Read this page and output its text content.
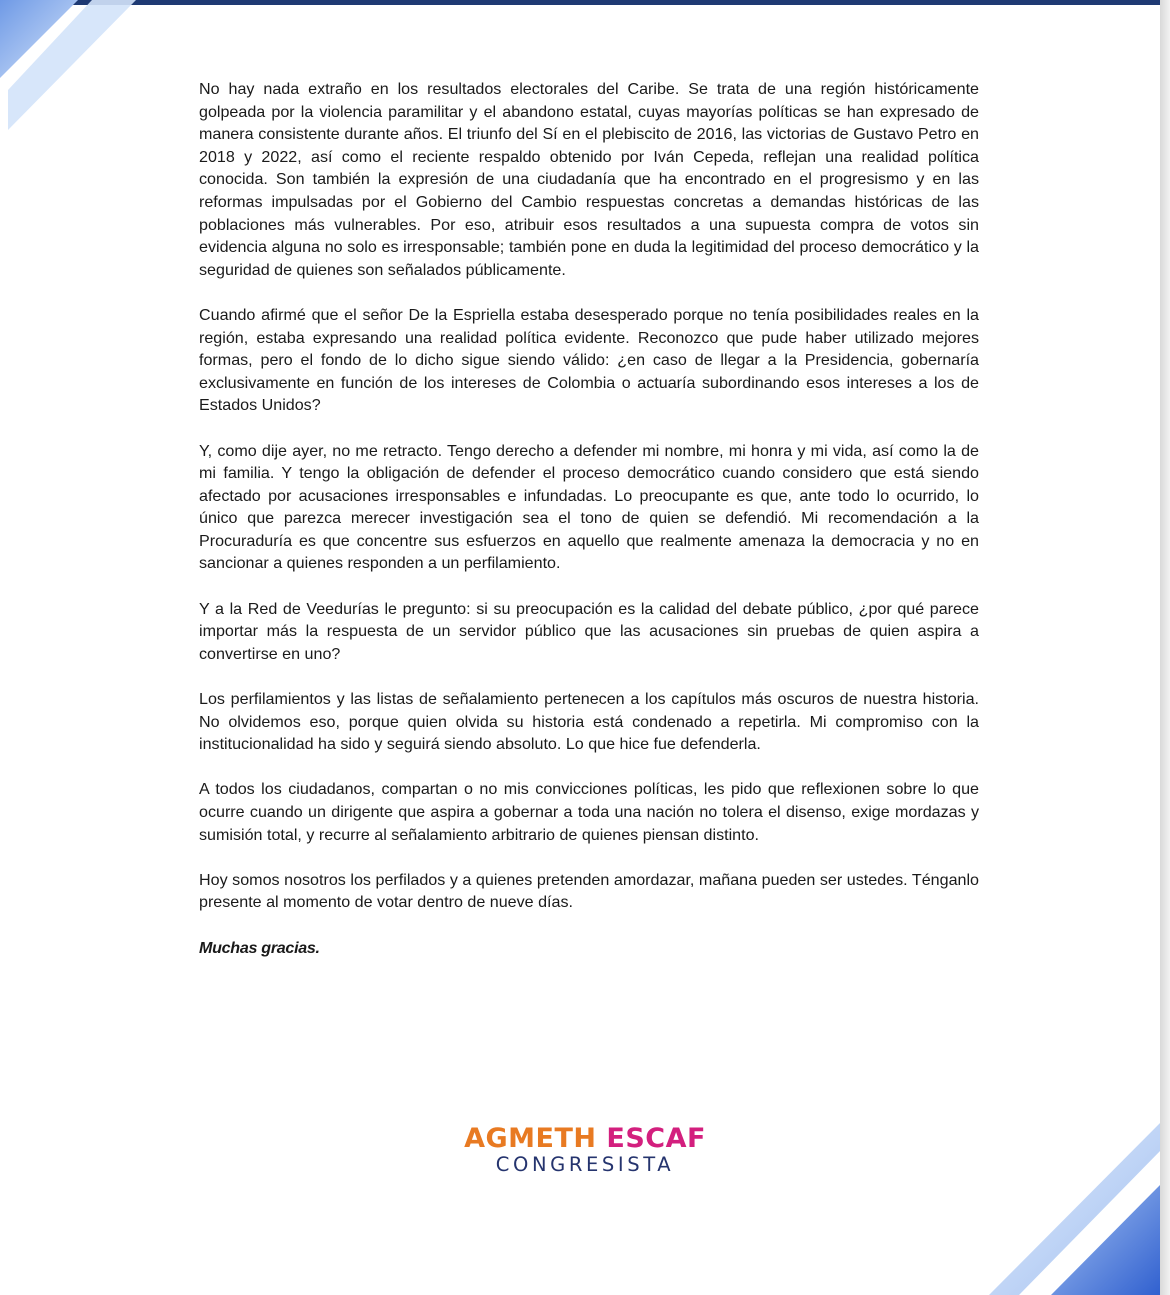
No hay nada extraño en los resultados electorales del Caribe. Se trata de una región históricamente golpeada por la violencia paramilitar y el abandono estatal, cuyas mayorías políticas se han expresado de manera consistente durante años. El triunfo del Sí en el plebiscito de 2016, las victorias de Gustavo Petro en 2018 y 2022, así como el reciente respaldo obtenido por Iván Cepeda, reflejan una realidad política conocida. Son también la expresión de una ciudadanía que ha encontrado en el progresismo y en las reformas impulsadas por el Gobierno del Cambio respuestas concretas a demandas históricas de las poblaciones más vulnerables. Por eso, atribuir esos resultados a una supuesta compra de votos sin evidencia alguna no solo es irresponsable; también pone en duda la legitimidad del proceso democrático y la seguridad de quienes son señalados públicamente.

Cuando afirmé que el señor De la Espriella estaba desesperado porque no tenía posibilidades reales en la región, estaba expresando una realidad política evidente. Reconozco que pude haber utilizado mejores formas, pero el fondo de lo dicho sigue siendo válido: ¿en caso de llegar a la Presidencia, gobernaría exclusivamente en función de los intereses de Colombia o actuaría subordinando esos intereses a los de Estados Unidos?

Y, como dije ayer, no me retracto. Tengo derecho a defender mi nombre, mi honra y mi vida, así como la de mi familia. Y tengo la obligación de defender el proceso democrático cuando considero que está siendo afectado por acusaciones irresponsables e infundadas. Lo preocupante es que, ante todo lo ocurrido, lo único que parezca merecer investigación sea el tono de quien se defendió. Mi recomendación a la Procuraduría es que concentre sus esfuerzos en aquello que realmente amenaza la democracia y no en sancionar a quienes responden a un perfilamiento.

Y a la Red de Veedurías le pregunto: si su preocupación es la calidad del debate público, ¿por qué parece importar más la respuesta de un servidor público que las acusaciones sin pruebas de quien aspira a convertirse en uno?

Los perfilamientos y las listas de señalamiento pertenecen a los capítulos más oscuros de nuestra historia. No olvidemos eso, porque quien olvida su historia está condenado a repetirla. Mi compromiso con la institucionalidad ha sido y seguirá siendo absoluto. Lo que hice fue defenderla.

A todos los ciudadanos, compartan o no mis convicciones políticas, les pido que reflexionen sobre lo que ocurre cuando un dirigente que aspira a gobernar a toda una nación no tolera el disenso, exige mordazas y sumisión total, y recurre al señalamiento arbitrario de quienes piensan distinto.

Hoy somos nosotros los perfilados y a quienes pretenden amordazar, mañana pueden ser ustedes. Ténganlo presente al momento de votar dentro de nueve días.

Muchas gracias.

AGMETH ESCAF
CONGRESISTA
